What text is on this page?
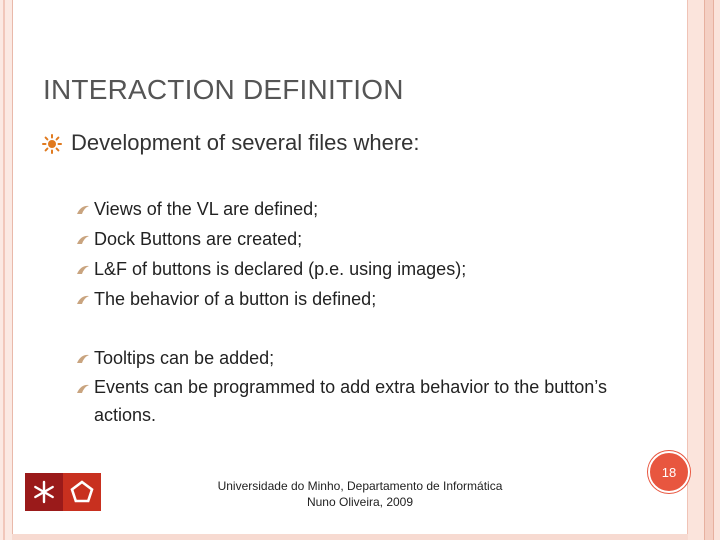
INTERACTION DEFINITION
Development of several files where:
Views of the VL are defined;
Dock Buttons are created;
L&F of buttons is declared (p.e. using images);
The behavior of a button is defined;
Tooltips can be added;
Events can be programmed to add extra behavior to the button’s actions.
Universidade do Minho, Departamento de Informática
Nuno Oliveira, 2009
18
